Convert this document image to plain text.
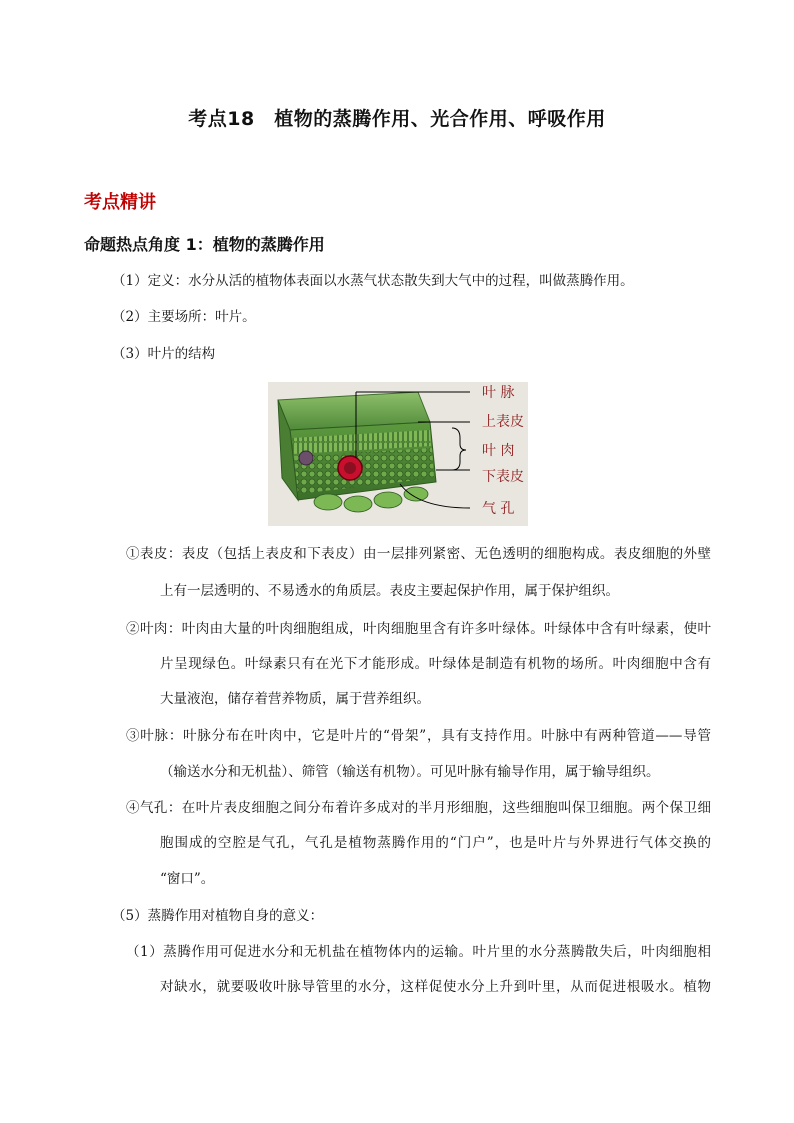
考点18　植物的蒸腾作用、光合作用、呼吸作用
考点精讲
命题热点角度 1：植物的蒸腾作用
（1）定义：水分从活的植物体表面以水蒸气状态散失到大气中的过程，叫做蒸腾作用。
（2）主要场所：叶片。
（3）叶片的结构
叶 脉
上表皮
叶 肉
下表皮
气 孔
①表皮：表皮（包括上表皮和下表皮）由一层排列紧密、无色透明的细胞构成。表皮细胞的外壁
上有一层透明的、不易透水的角质层。表皮主要起保护作用，属于保护组织。
②叶肉：叶肉由大量的叶肉细胞组成，叶肉细胞里含有许多叶绿体。叶绿体中含有叶绿素，使叶
片呈现绿色。叶绿素只有在光下才能形成。叶绿体是制造有机物的场所。叶肉细胞中含有
大量液泡，储存着营养物质，属于营养组织。
③叶脉：叶脉分布在叶肉中，它是叶片的“骨架”，具有支持作用。叶脉中有两种管道——导管
（输送水分和无机盐）、筛管（输送有机物）。可见叶脉有输导作用，属于输导组织。
④气孔：在叶片表皮细胞之间分布着许多成对的半月形细胞，这些细胞叫保卫细胞。两个保卫细
胞围成的空腔是气孔，气孔是植物蒸腾作用的“门户”，也是叶片与外界进行气体交换的
“窗口”。
（5）蒸腾作用对植物自身的意义：
（1）蒸腾作用可促进水分和无机盐在植物体内的运输。叶片里的水分蒸腾散失后，叶肉细胞相
对缺水，就要吸收叶脉导管里的水分，这样促使水分上升到叶里，从而促进根吸水。植物
